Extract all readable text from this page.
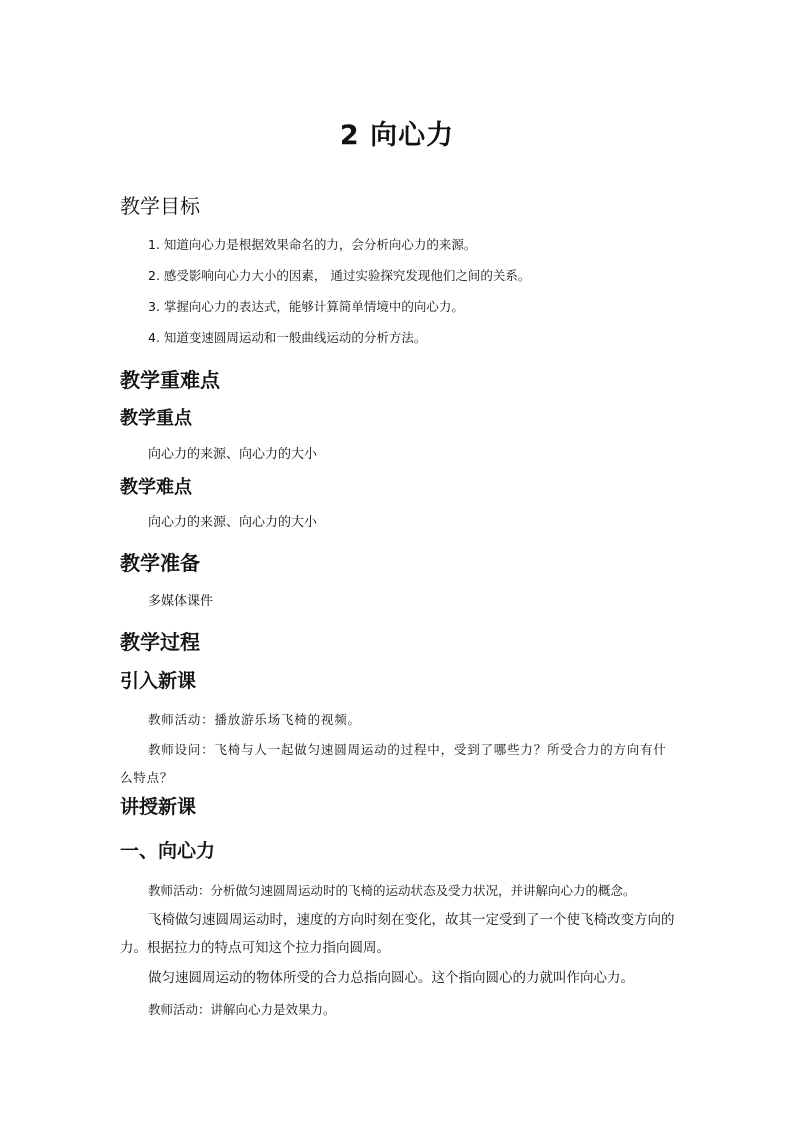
2 向心力
教学目标
1. 知道向心力是根据效果命名的力，会分析向心力的来源。
2. 感受影响向心力大小的因素， 通过实验探究发现他们之间的关系。
3. 掌握向心力的表达式，能够计算简单情境中的向心力。
4. 知道变速圆周运动和一般曲线运动的分析方法。
教学重难点
教学重点
向心力的来源、向心力的大小
教学难点
向心力的来源、向心力的大小
教学准备
多媒体课件
教学过程
引入新课
教师活动：播放游乐场飞椅的视频。
教师设问：飞椅与人一起做匀速圆周运动的过程中，受到了哪些力？所受合力的方向有什么特点？
讲授新课
一、向心力
教师活动：分析做匀速圆周运动时的飞椅的运动状态及受力状况，并讲解向心力的概念。
飞椅做匀速圆周运动时，速度的方向时刻在变化，故其一定受到了一个使飞椅改变方向的力。根据拉力的特点可知这个拉力指向圆周。
做匀速圆周运动的物体所受的合力总指向圆心。这个指向圆心的力就叫作向心力。
教师活动：讲解向心力是效果力。
